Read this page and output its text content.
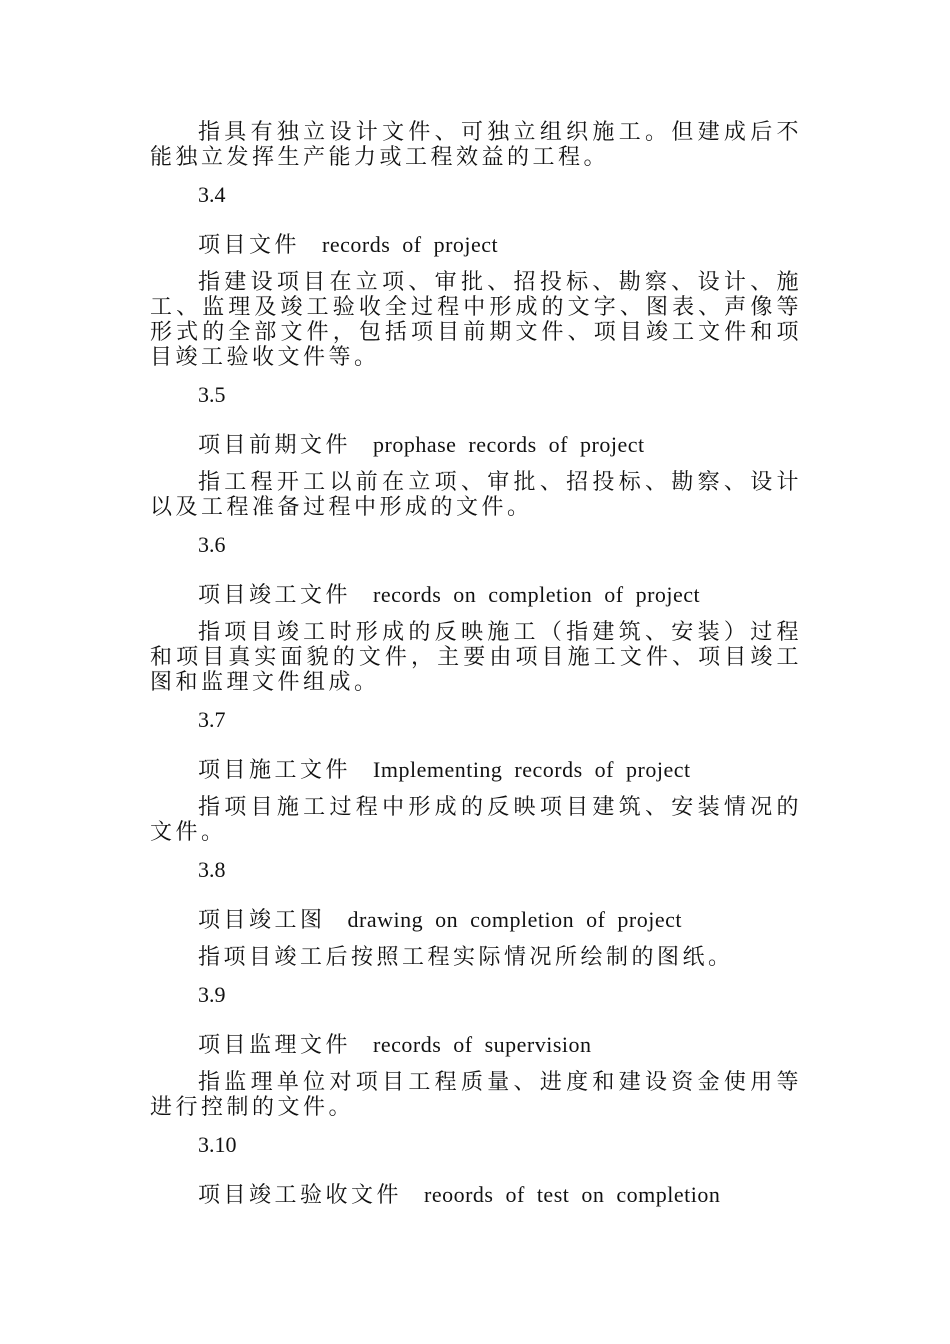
指具有独立设计文件、可独立组织施工。但建成后不能独立发挥生产能力或工程效益的工程。

3.4

项目文件 records of project

指建设项目在立项、审批、招投标、勘察、设计、施工、监理及竣工验收全过程中形成的文字、图表、声像等形式的全部文件，包括项目前期文件、项目竣工文件和项目竣工验收文件等。

3.5

项目前期文件 prophase records of project

指工程开工以前在立项、审批、招投标、勘察、设计以及工程准备过程中形成的文件。

3.6

项目竣工文件 records on completion of project

指项目竣工时形成的反映施工（指建筑、安装）过程和项目真实面貌的文件，主要由项目施工文件、项目竣工图和监理文件组成。

3.7

项目施工文件 Implementing records of project

指项目施工过程中形成的反映项目建筑、安装情况的文件。

3.8

项目竣工图 drawing on completion of project

指项目竣工后按照工程实际情况所绘制的图纸。

3.9

项目监理文件 records of supervision

指监理单位对项目工程质量、进度和建设资金使用等进行控制的文件。

3.10

项目竣工验收文件 reoords of test on completion
